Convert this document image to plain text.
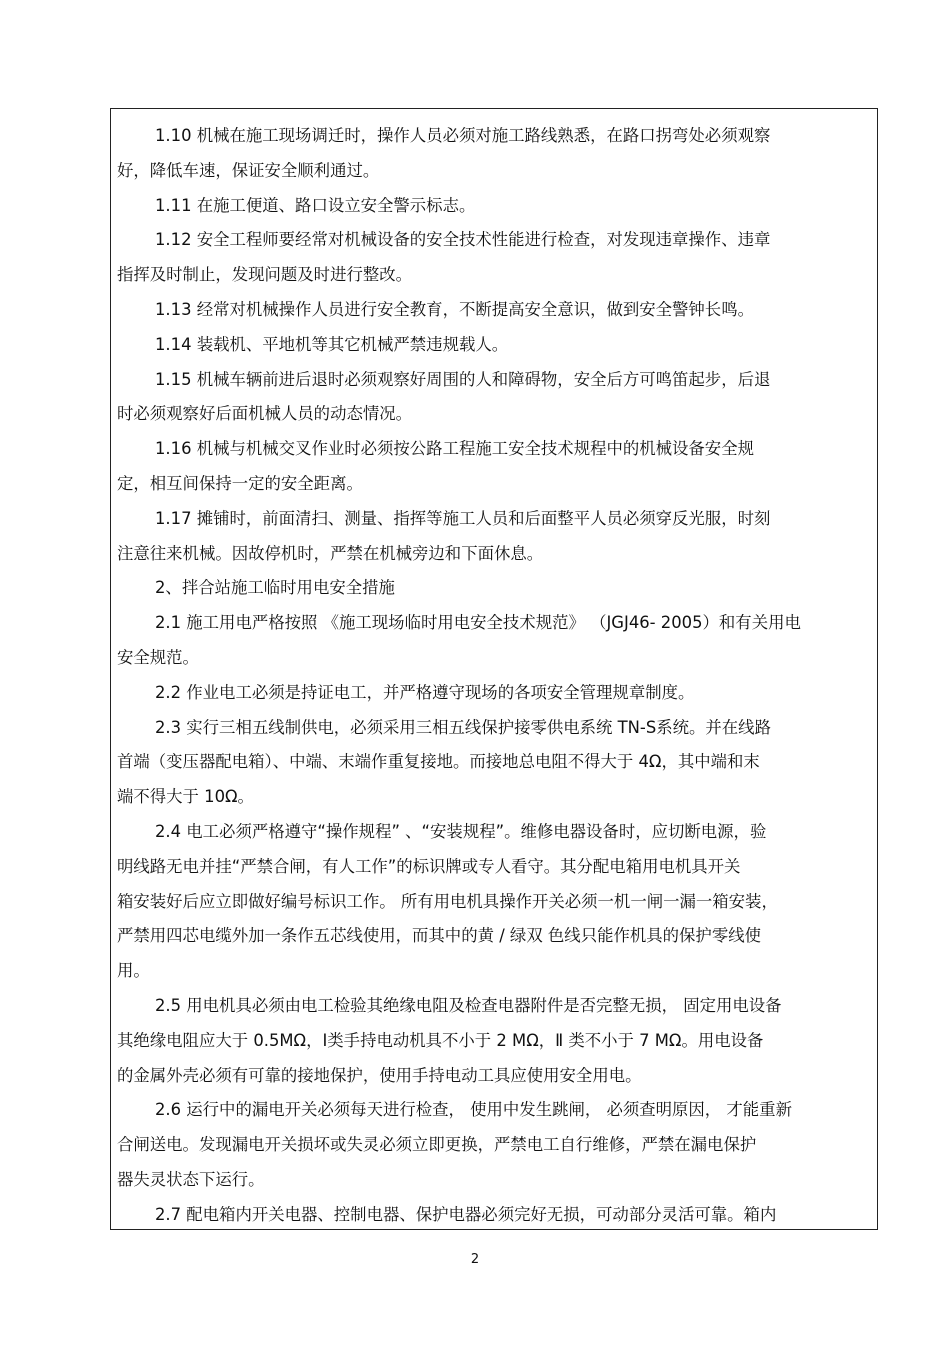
1.10 机械在施工现场调迁时，操作人员必须对施工路线熟悉，在路口拐弯处必须观察

好，降低车速，保证安全顺利通过。

1.11 在施工便道、路口设立安全警示标志。

1.12 安全工程师要经常对机械设备的安全技术性能进行检查，对发现违章操作、违章

指挥及时制止，发现问题及时进行整改。

1.13 经常对机械操作人员进行安全教育，不断提高安全意识，做到安全警钟长鸣。

1.14 装载机、平地机等其它机械严禁违规载人。

1.15 机械车辆前进后退时必须观察好周围的人和障碍物，安全后方可鸣笛起步，后退

时必须观察好后面机械人员的动态情况。

1.16 机械与机械交叉作业时必须按公路工程施工安全技术规程中的机械设备安全规

定，相互间保持一定的安全距离。

1.17 摊铺时，前面清扫、测量、指挥等施工人员和后面整平人员必须穿反光服，时刻

注意往来机械。因故停机时，严禁在机械旁边和下面休息。

2、拌合站施工临时用电安全措施

2.1 施工用电严格按照 《施工现场临时用电安全技术规范》 （JGJ46- 2005）和有关用电

安全规范。

2.2 作业电工必须是持证电工，并严格遵守现场的各项安全管理规章制度。

2.3 实行三相五线制供电，必须采用三相五线保护接零供电系统 TN-S系统。并在线路

首端（变压器配电箱）、中端、末端作重复接地。而接地总电阻不得大于 4Ω，其中端和末

端不得大于 10Ω。

2.4 电工必须严格遵守“操作规程” 、“安装规程”。维修电器设备时，应切断电源，验

明线路无电并挂“严禁合闸，有人工作”的标识牌或专人看守。其分配电箱用电机具开关

箱安装好后应立即做好编号标识工作。 所有用电机具操作开关必须一机一闸一漏一箱安装，

严禁用四芯电缆外加一条作五芯线使用，而其中的黄 / 绿双 色线只能作机具的保护零线使

用。

2.5 用电机具必须由电工检验其绝缘电阻及检查电器附件是否完整无损， 固定用电设备

其绝缘电阻应大于 0.5MΩ，Ⅰ类手持电动机具不小于 2 MΩ，Ⅱ 类不小于 7 MΩ。用电设备

的金属外壳必须有可靠的接地保护，使用手持电动工具应使用安全用电。

2.6 运行中的漏电开关必须每天进行检查， 使用中发生跳闸， 必须查明原因， 才能重新

合闸送电。发现漏电开关损坏或失灵必须立即更换，严禁电工自行维修，严禁在漏电保护

器失灵状态下运行。

2.7 配电箱内开关电器、控制电器、保护电器必须完好无损，可动部分灵活可靠。箱内

2
